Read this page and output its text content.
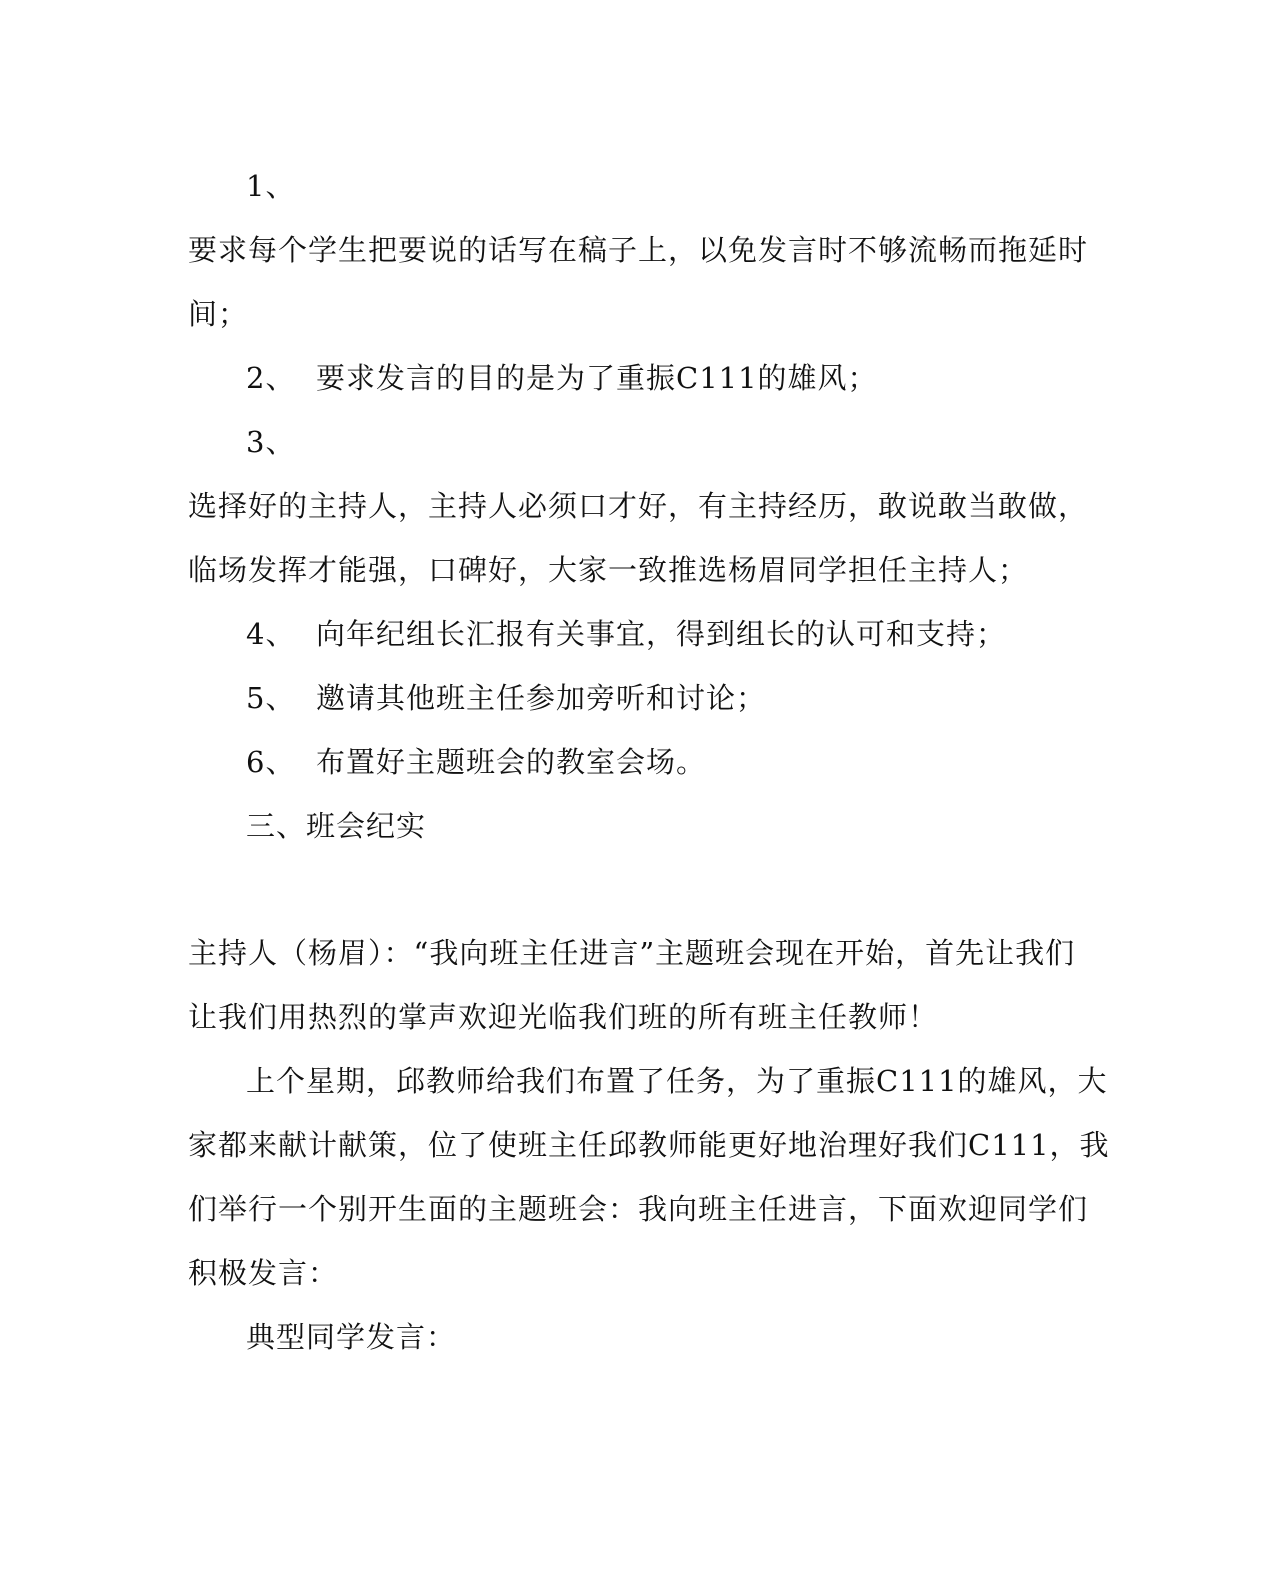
1、
要求每个学生把要说的话写在稿子上，以免发言时不够流畅而拖延时
间；
2、 要求发言的目的是为了重振C111的雄风；
3、
选择好的主持人，主持人必须口才好，有主持经历，敢说敢当敢做，
临场发挥才能强，口碑好，大家一致推选杨眉同学担任主持人；
4、 向年纪组长汇报有关事宜，得到组长的认可和支持；
5、 邀请其他班主任参加旁听和讨论；
6、 布置好主题班会的教室会场。
三、班会纪实
主持人（杨眉）：“我向班主任进言”主题班会现在开始，首先让我们
让我们用热烈的掌声欢迎光临我们班的所有班主任教师！
上个星期，邱教师给我们布置了任务，为了重振C111的雄风，大
家都来献计献策，位了使班主任邱教师能更好地治理好我们C111，我
们举行一个别开生面的主题班会：我向班主任进言，下面欢迎同学们
积极发言：
典型同学发言：
